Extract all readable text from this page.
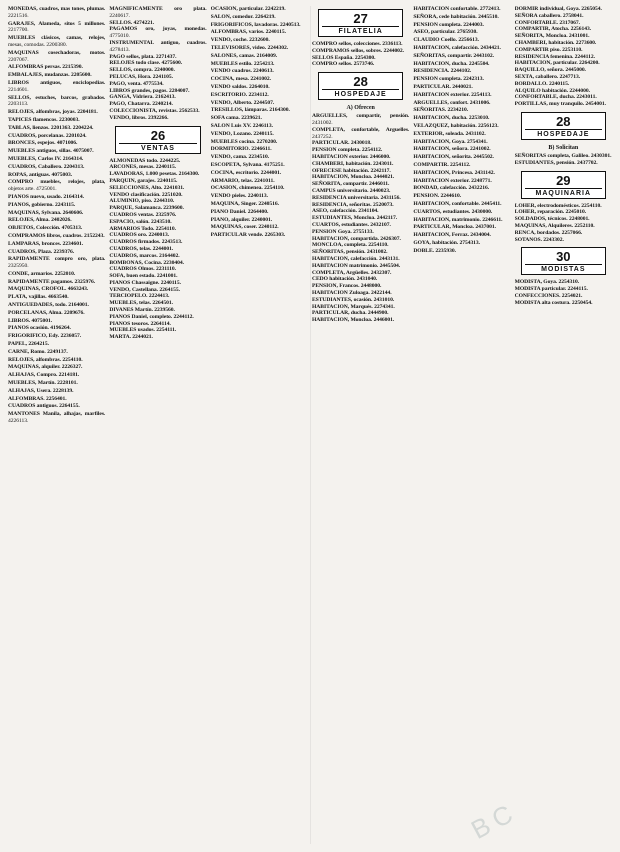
MONEDAS, cuadros, mas tones, plumas. 2221516.

GARAJES, Alameda, sitos 5 millones. 2217700.

MUEBLES clásicos, camas, relojes, mesas, comodas. 2200380.

MAQUINAS cosechadoras, motos. 2207067.

ALFOMBRAS persas. 2215390.

EMBALAJES, mudanzas. 2205600.

LIBROS antiguos, enciclopedias. 2214601.

SELLOS, estuches, barcos, grabados. 2203113.

RELOJES, alfombras, joyas. 2204181.

TAPICES flamencos. 2230003.

TABLAS, lienzos. 2201363. 2204224.

CUADROS, porcelanas. 2201024.

BRONCES, espejos. 4071006.

MUEBLES antiguos, sillas. 4075007.

MUEBLES, Carlos IV. 2164314.

CUADROS, Caballero. 2204313.

ROPAS, antiguas. 4075003.

COMPRO muebles, relojes, plata, objetos arte. 4725001.

PIANOS nuevo, usado. 2164314.

PIANOS, gobierno. 2243115.

MAQUINAS, Sylvana. 2640606.

RELOJES, Alma. 2402026.

OBJETOS, Colección. 4705313.

COMPRAMOS libros, cuadros. 2152243.

LAMPARAS, bronces. 2234601.

CUADROS, Plaza. 2239376.

RAPIDAMENTE compro oro, plata. 2325950.

CONDE, armarios. 2252010.

RAPIDAMENTE pagamos. 2325976.

MAQUINAS, CROFOL. 4663243.

PLATA, vajillas. 4663540.

ANTIGUEDADES, todo. 2164001.

PORCELANAS, Alma. 2209676.

LIBROS. 4075001.

PIANOS ocasión. 4196264.

FRIGORIFICO, Edy. 2236057.

PAPEL, 2264215.

CARNE, Romo. 2249137.

RELOJES, alfombras. 2254110.

MAQUINAS, alquiler. 2226327.

ALHAJAS, Compro. 2214181.

MUEBLES, Martín. 2228101.

ALHAJAS, Usera. 2228139.

ALFOMBRAS. 2256401.

CUADROS antiguos. 2264155.

MANTONES Manila, alhajas, marfiles. 4226113.

MAGNIFICAMENTE oro plata. 2240617.

SELLOS. 4274221.

PAGAMOS oro, joyas, monedas. 4775010.

INSTRUMENTAL antiguo, cuadros. 4278413.

PAGO sellos, plata. 2271437.

RELOJES todo clase. 4275600.

SELLOS, compra. 2240000.

PELUCAS, Hora. 2241105.

PAGO, venta. 4775534.

LIBROS grandes, pagos. 2284007.

GANGA, Vidriera. 2162413.

PAGO, Chatarra. 2240214.

COLECCIONISTA, revistas. 2562533.

VENDO, libros. 2392266.

26
VENTAS

ALMONEDAS todo. 2244225.

ARCONES, mesas. 2240115.

LAVADORAS, 1.000 pesetas. 2164300.

PARQUIN, garajes. 2240115.

SELECCIONES, Alto. 2241031.

VENDO clasificación. 2251020.

ALUMINIO, piso. 2244310.

PARQUE, Salamanca. 2239600.

CUADROS ventas. 2325976.

ESPACIO, salón. 2243510.

ARMARIOS Todo. 2254110.

CUADROS oro. 2240013.

CUADROS firmados. 2243513.

CUADROS, telas. 2244001.

CUADROS, marcos. 2164402.

BOMBONAS, Cocina. 2230404.

CUADROS Olmos. 2231110.

SOFA, buen estado. 2241001.

PIANOS Chassaigne. 2240115.

VENDO, Castellana. 2264155.

TERCIOPELO. 2224413.

MUEBLES, telas. 2264501.

DIVANES Martín. 2239560.

PIANOS Daniel, completo. 2244112.

PIANOS tesoros. 2264114.

MUEBLES usados. 2254111.

MARTA. 2244021.

OCASION, particular. 2242219.

SALON, comedor. 2264219.

FRIGORIFICOS, lavadoras. 2240513.

ALFOMBRAS, varios. 2240115.

VENDO, coche. 2232600.

TELEVISORES, video. 2244302.

SALONES, camas. 2164009.

MUEBLES estilo. 2254213.

VENDO cuadros. 2240613.

COCINA, mesa. 2241002.

VENDO saldos. 2264010.

ESCRITORIO. 2234112.

VENDO, Alberto. 2244507.

TRESILLOS, lámparas. 2164300.

SOFA cama. 2239621.

SALON Luis XV. 2246113.

VENDO, Lozano. 2240115.

MUEBLES cocina. 2270200.

DORMITORIO. 2246611.

VENDO, cama. 2234510.

ESCOPETA, Sylvana. 4175251.

COCINA, escritorio. 2244001.

ARMARIO, telas. 2241011.

OCASION, chimenea. 2254110.

VENDO pieles. 2240113.

MAQUINA, Singer. 2240516.

PIANO Daniel. 2264400.

PIANO, alquiler. 2240001.

MAQUINAS, coser. 2240112.

PARTICULAR vende. 2265303.

27
FILATELIA

COMPRO sellos, colecciones. 2336113.

COMPRAMOS sellos, sobres. 2244002.

SELLOS España. 2254300.

COMPRO sellos. 2573746.

28
HOSPEDAJE
A) Ofrecen

ARGUELLES, compartir, pensión. 2431002.

COMPLETA, confortable, Arguelles. 2437252.

PARTICULAR. 2430018.

PENSION completa. 2254112.

HABITACION exterior. 2446000.

CHAMBERI, habitación. 2243011.

OFRECESE habitación. 2242117.

HABITACION, Moncloa. 2444021.

SEÑORITA, compartir. 2446011.

CAMPUS universitario. 2440023.

RESIDENCIA universitaria. 2431156.

RESIDENCIA, señoritas. 2520073.

ASEO, calefacción. 2341104.

ESTUDIANTES, Moncloa. 2442117.

CUARTOS, estudiantes. 2432107.

PENSION Goya. 2755133.

HABITACION, compartida. 2426307.

MONCLOA, completa. 2254110.

SEÑORITAS, pensión. 2431002.

HABITACION, calefacción. 2443131.

HABITACION matrimonio. 2445504.

COMPLETA, Argüelles. 2432307.

CEDO habitación. 2431040.

PENSION, Francos. 2448000.

HABITACION Zuloaga. 2422144.

ESTUDIANTES, ocasión. 2431010.

HABITACION, Marqués. 2274341.

PARTICULAR, ducha. 2444900.

HABITACION, Moncloa. 2446001.

HABITACION confortable. 2772413.

SEÑORA, cede habitación. 2445510.

PENSION completa. 2244003.

ASEO, particular. 2765930.

CLAUDIO Coello. 2256613.

HABITACION, calefacción. 2434421.

SEÑORITAS, compartir. 2443102.

HABITACION, ducha. 2245504.

RESIDENCIA. 2244102.

PENSION completa. 2242313.

PARTICULAR. 2440021.

HABITACION exterior. 2254113.

ARGUELLES, confort. 2431006.

SEÑORITAS. 2234210.

HABITACION, ducha. 2253010.

VELAZQUEZ, habitación. 2256123.

EXTERIOR, soleada. 2431102.

HABITACION, Goya. 2754341.

HABITACION, señora. 2241002.

HABITACION, señorita. 2445502.

COMPARTIR. 2254112.

HABITACION, Princesa. 2431142.

HABITACION exterior. 2248771.

BONDAD, calefacción. 2432216.

PENSION. 2244610.

HABITACION, confortable. 2445411.

CUARTOS, estudiantes. 2430000.

HABITACION, matrimonio. 2246611.

PARTICULAR, Moncloa. 2437001.

HABITACION, Ferraz. 2434004.

GOYA, habitación. 2754313.

DOBLE. 2235930.

DORMIR individual, Goya. 2265054.

SEÑORA caballero. 2758041.

CONFORTABLE. 2317067.

COMPARTIR, Atocha. 2256143.

SEÑORITA, Moncloa. 2431001.

CHAMBERI, habitación. 2273600.

COMPARTIR piso. 2253110.

RESIDENCIA femenina. 2244112.

HABITACION, particular. 2264200.

BAQUILLO, señora. 2445000.

SEXTA, caballero. 2247713.

BORDALLO. 2240115.

ALQUILO habitación. 2244000.

CONFORTABLE, ducha. 2243011.

PORTILLAS, muy tranquilo. 2454001.

28
HOSPEDAJE
B) Solicitan

SEÑORITAS completa, Galileo. 2430301.

ESTUDIANTES, pensión. 2437702.

29
MAQUINARIA

LOHER, electrodomésticos. 2254110.

LOHER, reparación. 2245010.

SOLDADOS, técnicos. 2248001.

MAQUINAS, Alquileres. 2252110.

RENCA, bordados. 2257066.

SOTANOS. 2243302.

30
MODISTAS

MODISTA, Goya. 2254310.

MODISTA particular. 2244115.

CONFECCIONES. 2254021.

MODISTA alta costura. 2250454.

BC
